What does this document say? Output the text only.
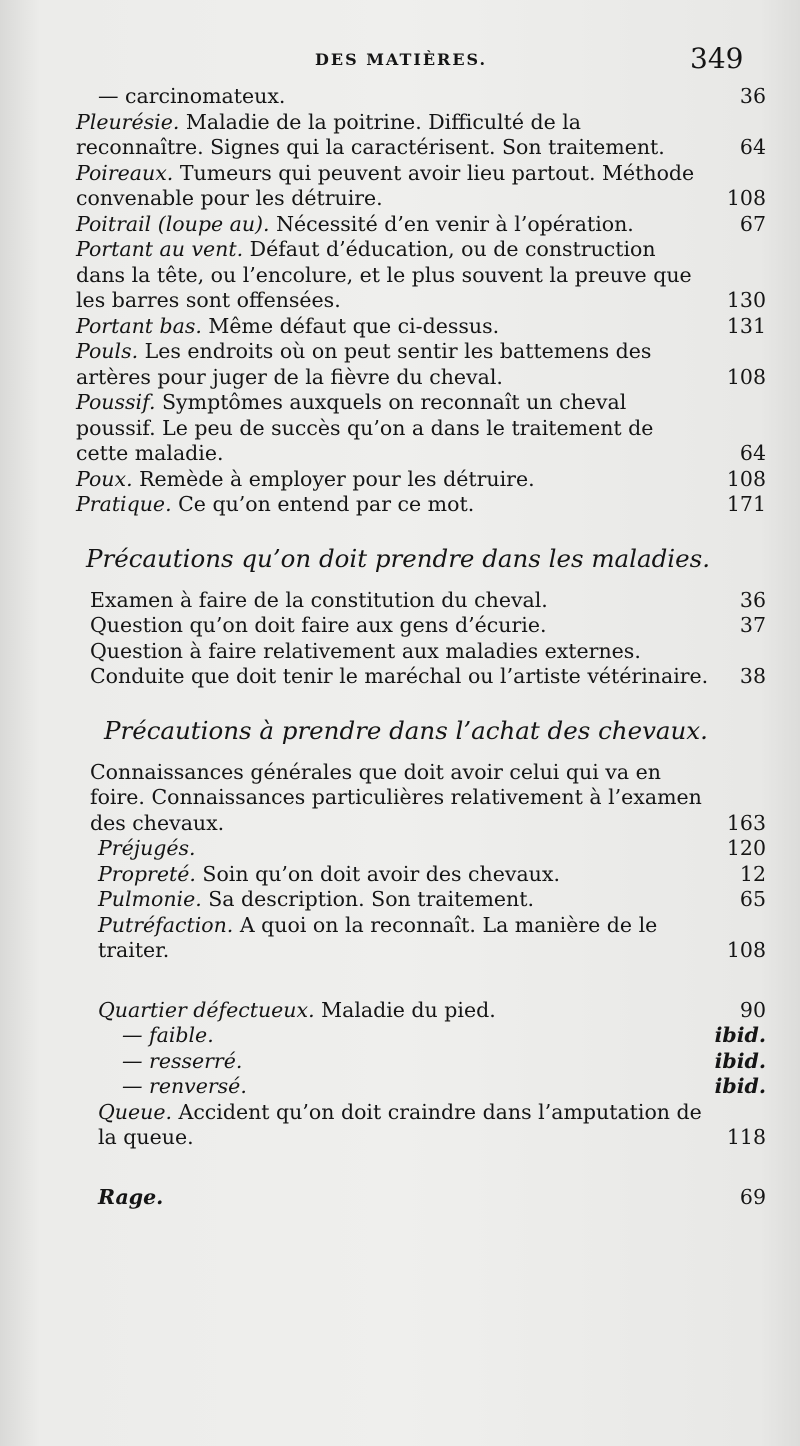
DES MATIÈRES.	349
— carcinomateux.	36
Pleurésie. Maladie de la poitrine. Difficulté de la reconnaître. Signes qui la caractérisent. Son traitement.	64
Poireaux. Tumeurs qui peuvent avoir lieu partout. Méthode convenable pour les détruire.	108
Poitrail (loupe au). Nécessité d’en venir à l’opération.	67
Portant au vent. Défaut d’éducation, ou de construction dans la tête, ou l’encolure, et le plus souvent la preuve que les barres sont offensées.	130
Portant bas. Même défaut que ci-dessus.	131
Pouls. Les endroits où on peut sentir les battemens des artères pour juger de la fièvre du cheval.	108
Poussif. Symptômes auxquels on reconnaît un cheval poussif. Le peu de succès qu’on a dans le traitement de cette maladie.	64
Poux. Remède à employer pour les détruire.	108
Pratique. Ce qu’on entend par ce mot.	171
Précautions qu’on doit prendre dans les maladies.
Examen à faire de la constitution du cheval.	36
Question qu’on doit faire aux gens d’écurie.	37
Question à faire relativement aux maladies externes.
Conduite que doit tenir le maréchal ou l’artiste vétérinaire. 38
Précautions à prendre dans l’achat des chevaux.
Connaissances générales que doit avoir celui qui va en foire. Connaissances particulières relativement à l’examen des chevaux.	163
Préjugés.	120
Propreté. Soin qu’on doit avoir des chevaux.	12
Pulmonie. Sa description. Son traitement.	65
Putréfaction. A quoi on la reconnaît. La manière de le traiter.	108
Quartier défectueux. Maladie du pied.	90
— faible.	ibid.
— resserré.	ibid.
— renversé.	ibid.
Queue. Accident qu’on doit craindre dans l’amputation de la queue.	118
Rage.	69
